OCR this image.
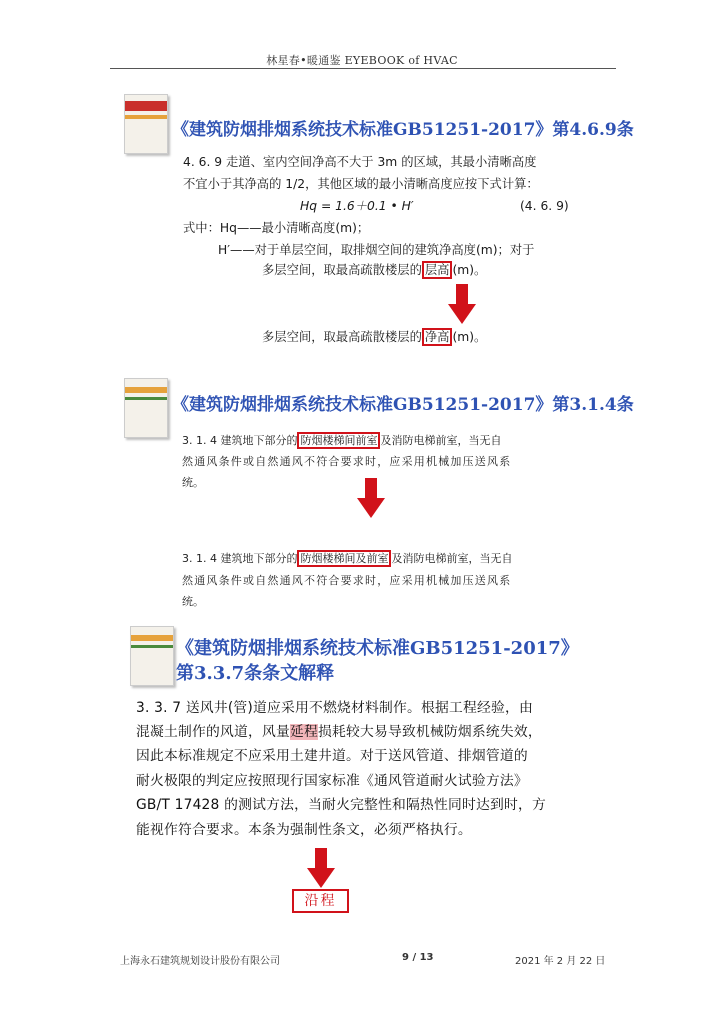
林星春•暖通鉴 EYEBOOK of HVAC
《建筑防烟排烟系统技术标准GB51251-2017》第4.6.9条
4. 6. 9 走道、室内空间净高不大于 3m 的区域，其最小清晰高度
不宜小于其净高的 1/2，其他区域的最小清晰高度应按下式计算：
Hq = 1.6＋0.1 • H′	(4. 6. 9)
式中：Hq——最小清晰高度(m)；
H′——对于单层空间，取排烟空间的建筑净高度(m)；对于
多层空间，取最高疏散楼层的 层高 (m)。
多层空间，取最高疏散楼层的 净高 (m)。
《建筑防烟排烟系统技术标准GB51251-2017》第3.1.4条
3. 1. 4 建筑地下部分的 防烟楼梯间前室 及消防电梯前室，当无自
然通风条件或自然通风不符合要求时，应采用机械加压送风系
统。
3. 1. 4 建筑地下部分的 防烟楼梯间及前室 及消防电梯前室，当无自
然通风条件或自然通风不符合要求时，应采用机械加压送风系
统。
《建筑防烟排烟系统技术标准GB51251-2017》
第3.3.7条条文解释
3. 3. 7 送风井(管)道应采用不燃烧材料制作。根据工程经验，由
混凝土制作的风道，风量延程损耗较大易导致机械防烟系统失效，
因此本标准规定不应采用土建井道。对于送风管道、排烟管道的
耐火极限的判定应按照现行国家标准《通风管道耐火试验方法》
GB/T 17428 的测试方法，当耐火完整性和隔热性同时达到时，方
能视作符合要求。本条为强制性条文，必须严格执行。
沿程
上海永石建筑规划设计股份有限公司	9 / 13	2021 年 2 月 22 日
